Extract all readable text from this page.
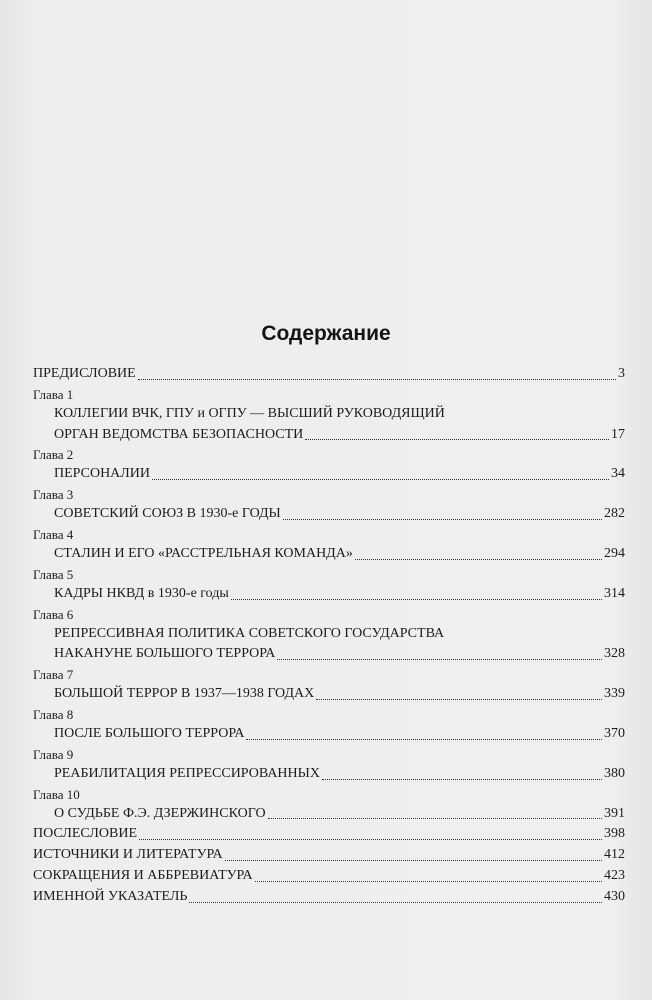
Содержание
ПРЕДИСЛОВИЕ	3
Глава 1
КОЛЛЕГИИ ВЧК, ГПУ и ОГПУ — ВЫСШИЙ РУКОВОДЯЩИЙ
ОРГАН ВЕДОМСТВА БЕЗОПАСНОСТИ	17
Глава 2
ПЕРСОНАЛИИ	34
Глава 3
СОВЕТСКИЙ СОЮЗ В 1930-е ГОДЫ	282
Глава 4
СТАЛИН И ЕГО «РАССТРЕЛЬНАЯ КОМАНДА»	294
Глава 5
КАДРЫ НКВД в 1930-е годы	314
Глава 6
РЕПРЕССИВНАЯ ПОЛИТИКА СОВЕТСКОГО ГОСУДАРСТВА
НАКАНУНЕ БОЛЬШОГО ТЕРРОРА	328
Глава 7
БОЛЬШОЙ ТЕРРОР В 1937—1938 ГОДАХ	339
Глава 8
ПОСЛЕ БОЛЬШОГО ТЕРРОРА	370
Глава 9
РЕАБИЛИТАЦИЯ РЕПРЕССИРОВАННЫХ	380
Глава 10
О СУДЬБЕ Ф.Э. ДЗЕРЖИНСКОГО	391
ПОСЛЕСЛОВИЕ	398
ИСТОЧНИКИ И ЛИТЕРАТУРА	412
СОКРАЩЕНИЯ И АББРЕВИАТУРА	423
ИМЕННОЙ УКАЗАТЕЛЬ	430
